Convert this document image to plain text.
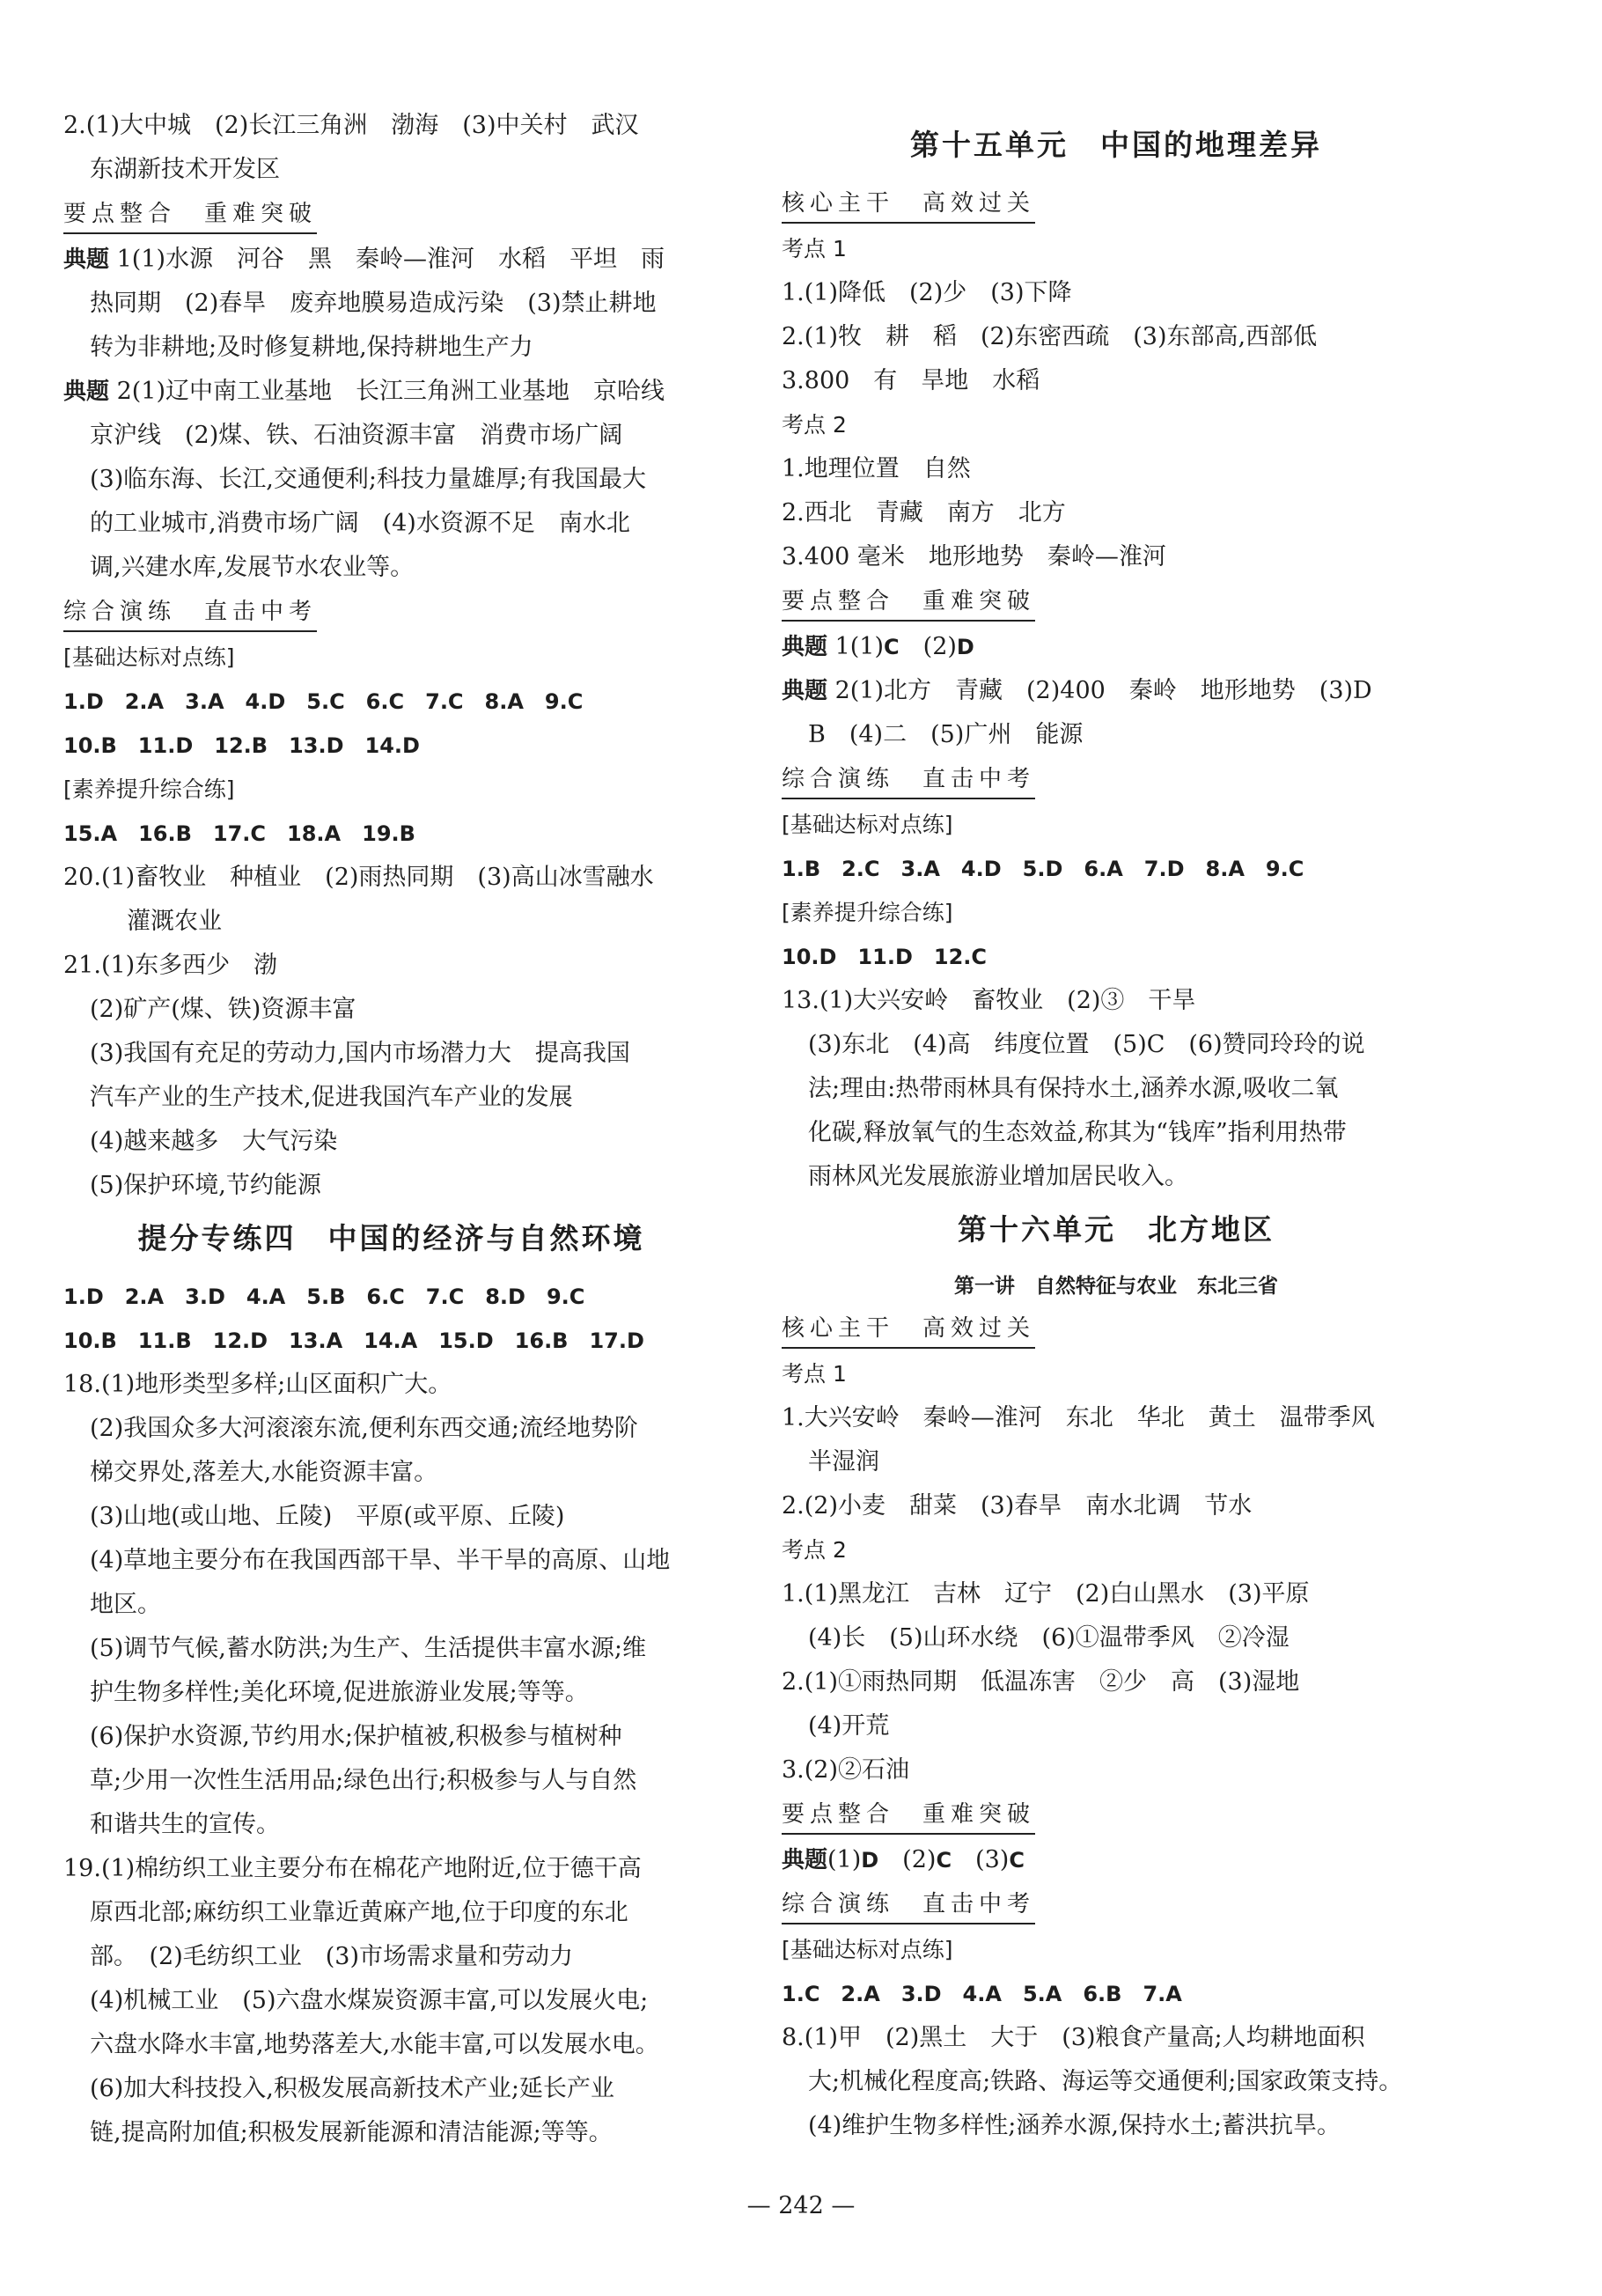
2.(1)大中城　(2)长江三角洲　渤海　(3)中关村　武汉
东湖新技术开发区
要点整合　重难突破
典题 1(1)水源　河谷　黑　秦岭—淮河　水稻　平坦　雨
热同期　(2)春旱　废弃地膜易造成污染　(3)禁止耕地
转为非耕地;及时修复耕地,保持耕地生产力
典题 2(1)辽中南工业基地　长江三角洲工业基地　京哈线
京沪线　(2)煤、铁、石油资源丰富　消费市场广阔
(3)临东海、长江,交通便利;科技力量雄厚;有我国最大
的工业城市,消费市场广阔　(4)水资源不足　南水北
调,兴建水库,发展节水农业等。
综合演练　直击中考
[基础达标对点练]
1.D　2.A　3.A　4.D　5.C　6.C　7.C　8.A　9.C
10.B　11.D　12.B　13.D　14.D
[素养提升综合练]
15.A　16.B　17.C　18.A　19.B
20.(1)畜牧业　种植业　(2)雨热同期　(3)高山冰雪融水
灌溉农业
21.(1)东多西少　渤
(2)矿产(煤、铁)资源丰富
(3)我国有充足的劳动力,国内市场潜力大　提高我国
汽车产业的生产技术,促进我国汽车产业的发展
(4)越来越多　大气污染
(5)保护环境,节约能源
提分专练四　中国的经济与自然环境
1.D　2.A　3.D　4.A　5.B　6.C　7.C　8.D　9.C
10.B　11.B　12.D　13.A　14.A　15.D　16.B　17.D
18.(1)地形类型多样;山区面积广大。
(2)我国众多大河滚滚东流,便利东西交通;流经地势阶
梯交界处,落差大,水能资源丰富。
(3)山地(或山地、丘陵)　平原(或平原、丘陵)
(4)草地主要分布在我国西部干旱、半干旱的高原、山地
地区。
(5)调节气候,蓄水防洪;为生产、生活提供丰富水源;维
护生物多样性;美化环境,促进旅游业发展;等等。
(6)保护水资源,节约用水;保护植被,积极参与植树种
草;少用一次性生活用品;绿色出行;积极参与人与自然
和谐共生的宣传。
19.(1)棉纺织工业主要分布在棉花产地附近,位于德干高
原西北部;麻纺织工业靠近黄麻产地,位于印度的东北
部。　(2)毛纺织工业　(3)市场需求量和劳动力
(4)机械工业　(5)六盘水煤炭资源丰富,可以发展火电;
六盘水降水丰富,地势落差大,水能丰富,可以发展水电。
(6)加大科技投入,积极发展高新技术产业;延长产业
链,提高附加值;积极发展新能源和清洁能源;等等。
第十五单元　中国的地理差异
核心主干　高效过关
考点 1
1.(1)降低　(2)少　(3)下降
2.(1)牧　耕　稻　(2)东密西疏　(3)东部高,西部低
3.800　有　旱地　水稻
考点 2
1.地理位置　自然
2.西北　青藏　南方　北方
3.400 毫米　地形地势　秦岭—淮河
要点整合　重难突破
典题 1(1)C　(2)D
典题 2(1)北方　青藏　(2)400　秦岭　地形地势　(3)D
B　(4)二　(5)广州　能源
综合演练　直击中考
[基础达标对点练]
1.B　2.C　3.A　4.D　5.D　6.A　7.D　8.A　9.C
[素养提升综合练]
10.D　11.D　12.C
13.(1)大兴安岭　畜牧业　(2)③　干旱
(3)东北　(4)高　纬度位置　(5)C　(6)赞同玲玲的说
法;理由:热带雨林具有保持水土,涵养水源,吸收二氧
化碳,释放氧气的生态效益,称其为“钱库”指利用热带
雨林风光发展旅游业增加居民收入。
第十六单元　北方地区
第一讲　自然特征与农业　东北三省
核心主干　高效过关
考点 1
1.大兴安岭　秦岭—淮河　东北　华北　黄土　温带季风
半湿润
2.(2)小麦　甜菜　(3)春旱　南水北调　节水
考点 2
1.(1)黑龙江　吉林　辽宁　(2)白山黑水　(3)平原
(4)长　(5)山环水绕　(6)①温带季风　②冷湿
2.(1)①雨热同期　低温冻害　②少　高　(3)湿地
(4)开荒
3.(2)②石油
要点整合　重难突破
典题(1)D　(2)C　(3)C
综合演练　直击中考
[基础达标对点练]
1.C　2.A　3.D　4.A　5.A　6.B　7.A
8.(1)甲　(2)黑土　大于　(3)粮食产量高;人均耕地面积
大;机械化程度高;铁路、海运等交通便利;国家政策支持。
(4)维护生物多样性;涵养水源,保持水土;蓄洪抗旱。
— 242 —
